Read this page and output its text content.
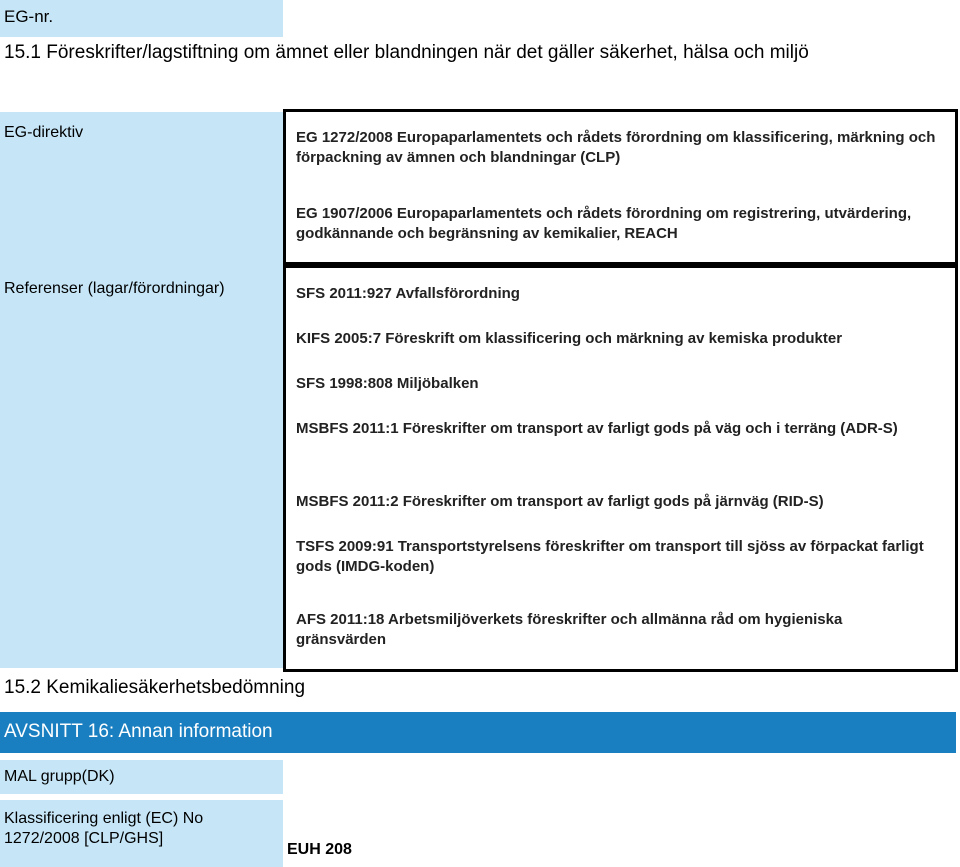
EG-nr.
15.1 Föreskrifter/lagstiftning om ämnet eller blandningen när det gäller säkerhet, hälsa och miljö
EG-direktiv
Referenser (lagar/förordningar)
EG 1272/2008 Europaparlamentets och rådets förordning om klassificering, märkning och förpackning av ämnen och blandningar (CLP)
EG 1907/2006 Europaparlamentets och rådets förordning om registrering, utvärdering, godkännande och begränsning av kemikalier, REACH
SFS 2011:927 Avfallsförordning
KIFS 2005:7 Föreskrift om klassificering och märkning av kemiska produkter
SFS 1998:808 Miljöbalken
MSBFS 2011:1 Föreskrifter om transport av farligt gods på väg och i terräng (ADR-S)
MSBFS 2011:2 Föreskrifter om transport av farligt gods på järnväg (RID-S)
TSFS 2009:91 Transportstyrelsens föreskrifter om transport till sjöss av förpackat farligt gods (IMDG-koden)
AFS 2011:18 Arbetsmiljöverkets föreskrifter och allmänna råd om hygieniska gränsvärden
15.2 Kemikaliesäkerhetsbedömning
AVSNITT 16: Annan information
MAL grupp(DK)
Klassificering enligt (EC) No 1272/2008 [CLP/GHS]
EUH 208
